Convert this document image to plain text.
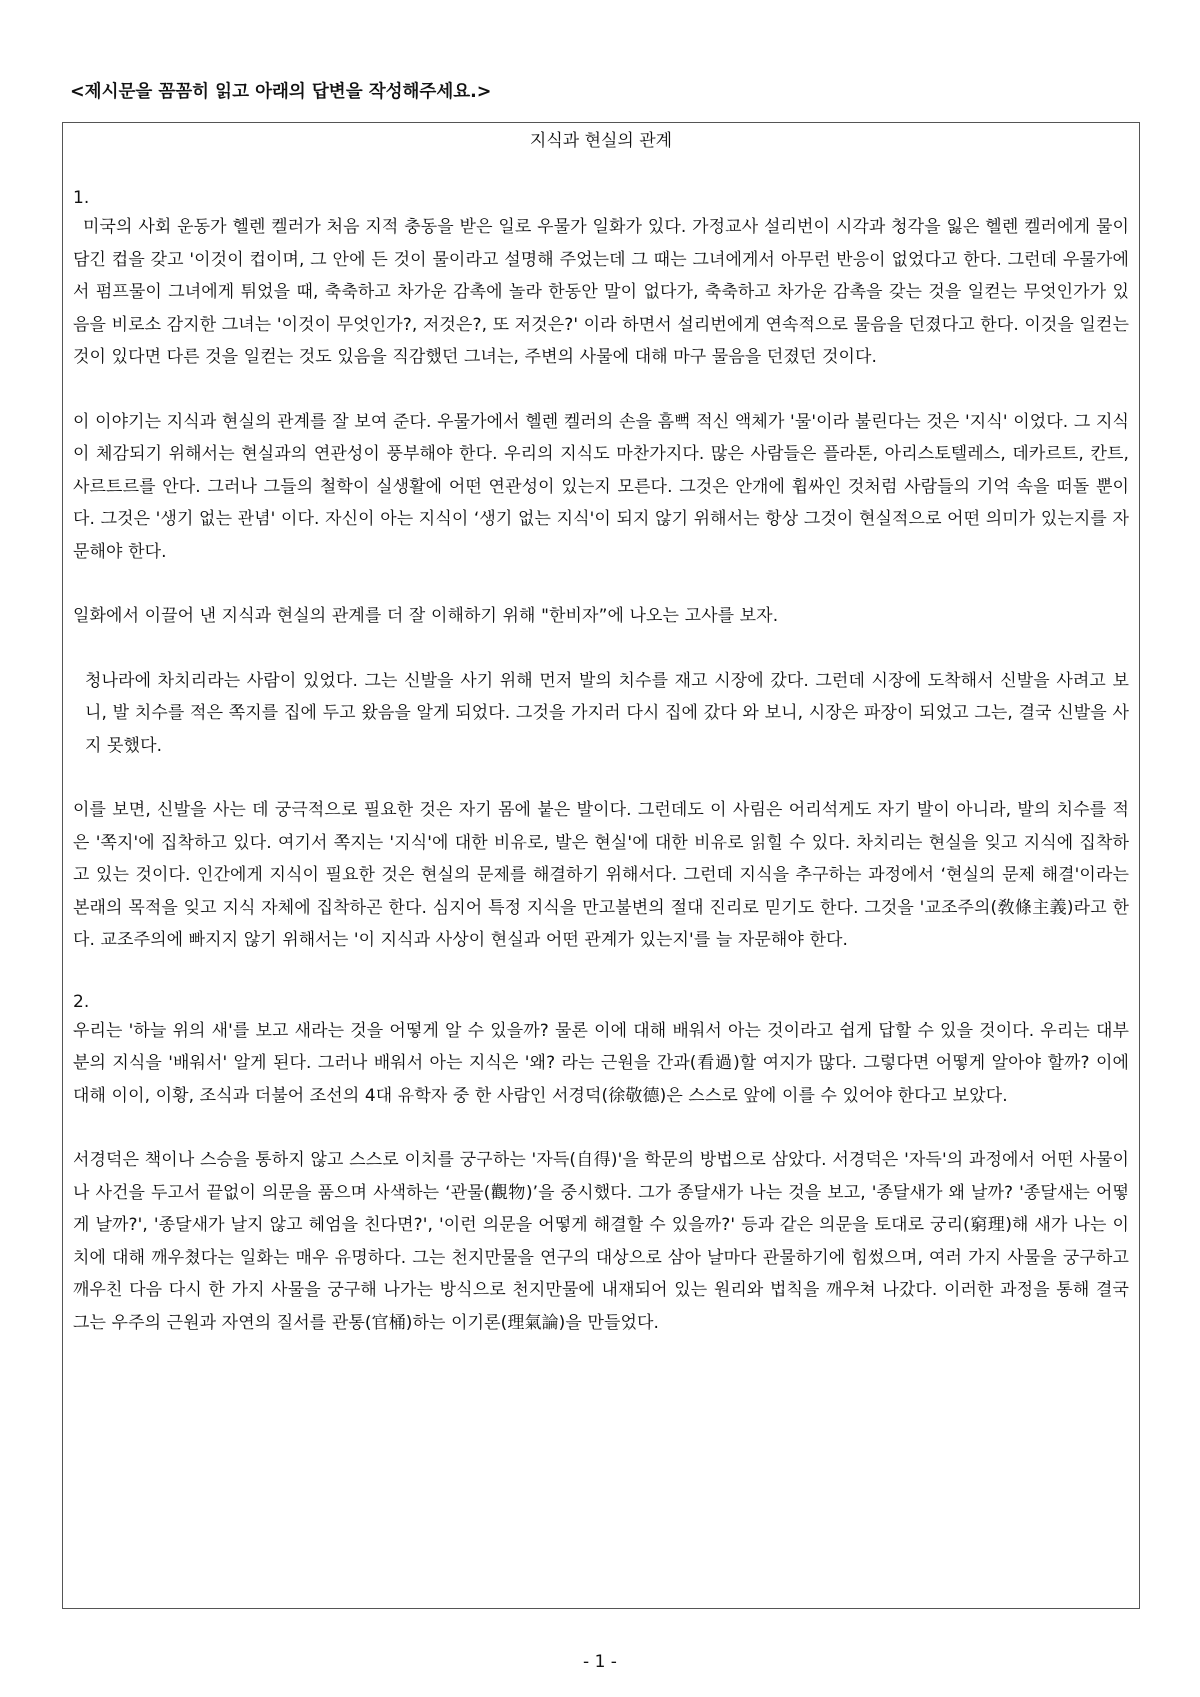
<제시문을 꼼꼼히 읽고 아래의 답변을 작성해주세요.>
지식과 현실의 관계
1.

미국의 사회 운동가 헬렌 켈러가 처음 지적 충동을 받은 일로 우물가 일화가 있다. 가정교사 설리번이 시각과 청각을 잃은 헬렌 켈러에게 물이 담긴 컵을 갖고 '이것이 컵이며, 그 안에 든 것이 물이라고 설명해 주었는데 그 때는 그녀에게서 아무런 반응이 없었다고 한다. 그런데 우물가에서 펌프물이 그녀에게 튀었을 때, 축축하고 차가운 감촉에 놀라 한동안 말이 없다가, 축축하고 차가운 감촉을 갖는 것을 일컫는 무엇인가가 있음을 비로소 감지한 그녀는 '이것이 무엇인가?, 저것은?, 또 저것은?' 이라 하면서 설리번에게 연속적으로 물음을 던졌다고 한다. 이것을 일컫는 것이 있다면 다른 것을 일컫는 것도 있음을 직감했던 그녀는, 주변의 사물에 대해 마구 물음을 던졌던 것이다.

이 이야기는 지식과 현실의 관계를 잘 보여 준다. 우물가에서 헬렌 켈러의 손을 흠뻑 적신 액체가 '물'이라 불린다는 것은 '지식' 이었다. 그 지식이 체감되기 위해서는 현실과의 연관성이 풍부해야 한다. 우리의 지식도 마찬가지다. 많은 사람들은 플라톤, 아리스토텔레스, 데카르트, 칸트, 사르트르를 안다. 그러나 그들의 철학이 실생활에 어떤 연관성이 있는지 모른다. 그것은 안개에 휩싸인 것처럼 사람들의 기억 속을 떠돌 뿐이다. 그것은 '생기 없는 관념' 이다. 자신이 아는 지식이 ‘생기 없는 지식'이 되지 않기 위해서는 항상 그것이 현실적으로 어떤 의미가 있는지를 자문해야 한다.

일화에서 이끌어 낸 지식과 현실의 관계를 더 잘 이해하기 위해 "한비자”에 나오는 고사를 보자.

청나라에 차치리라는 사람이 있었다. 그는 신발을 사기 위해 먼저 발의 치수를 재고 시장에 갔다. 그런데 시장에 도착해서 신발을 사려고 보니, 발 치수를 적은 쪽지를 집에 두고 왔음을 알게 되었다. 그것을 가지러 다시 집에 갔다 와 보니, 시장은 파장이 되었고 그는, 결국 신발을 사지 못했다.

이를 보면, 신발을 사는 데 궁극적으로 필요한 것은 자기 몸에 붙은 발이다. 그런데도 이 사림은 어리석게도 자기 발이 아니라, 발의 치수를 적은 '쪽지'에 집착하고 있다. 여기서 쪽지는 '지식'에 대한 비유로, 발은 현실'에 대한 비유로 읽힐 수 있다. 차치리는 현실을 잊고 지식에 집착하고 있는 것이다. 인간에게 지식이 필요한 것은 현실의 문제를 해결하기 위해서다. 그런데 지식을 추구하는 과정에서 ‘현실의 문제 해결'이라는 본래의 목적을 잊고 지식 자체에 집착하곤 한다. 심지어 특정 지식을 만고불변의 절대 진리로 믿기도 한다. 그것을 '교조주의(敎條主義)라고 한다. 교조주의에 빠지지 않기 위해서는 '이 지식과 사상이 현실과 어떤 관계가 있는지'를 늘 자문해야 한다.

2.

우리는 '하늘 위의 새'를 보고 새라는 것을 어떻게 알 수 있을까? 물론 이에 대해 배워서 아는 것이라고 쉽게 답할 수 있을 것이다. 우리는 대부분의 지식을 '배워서' 알게 된다. 그러나 배워서 아는 지식은 '왜? 라는 근원을 간과(看過)할 여지가 많다. 그렇다면 어떻게 알아야 할까? 이에 대해 이이, 이황, 조식과 더불어 조선의 4대 유학자 중 한 사람인 서경덕(徐敬德)은 스스로 앞에 이를 수 있어야 한다고 보았다.

서경덕은 책이나 스승을 통하지 않고 스스로 이치를 궁구하는 '자득(自得)'을 학문의 방법으로 삼았다. 서경덕은 '자득'의 과정에서 어떤 사물이나 사건을 두고서 끝없이 의문을 품으며 사색하는 ‘관물(觀物)’을 중시했다. 그가 종달새가 나는 것을 보고, '종달새가 왜 날까? '종달새는 어떻게 날까?', '종달새가 날지 않고 헤엄을 친다면?', '이런 의문을 어떻게 해결할 수 있을까?' 등과 같은 의문을 토대로 궁리(窮理)해 새가 나는 이치에 대해 깨우쳤다는 일화는 매우 유명하다. 그는 천지만물을 연구의 대상으로 삼아 날마다 관물하기에 힘썼으며, 여러 가지 사물을 궁구하고 깨우친 다음 다시 한 가지 사물을 궁구해 나가는 방식으로 천지만물에 내재되어 있는 원리와 법칙을 깨우쳐 나갔다. 이러한 과정을 통해 결국 그는 우주의 근원과 자연의 질서를 관통(官桶)하는 이기론(理氣論)을 만들었다.

- 1 -
